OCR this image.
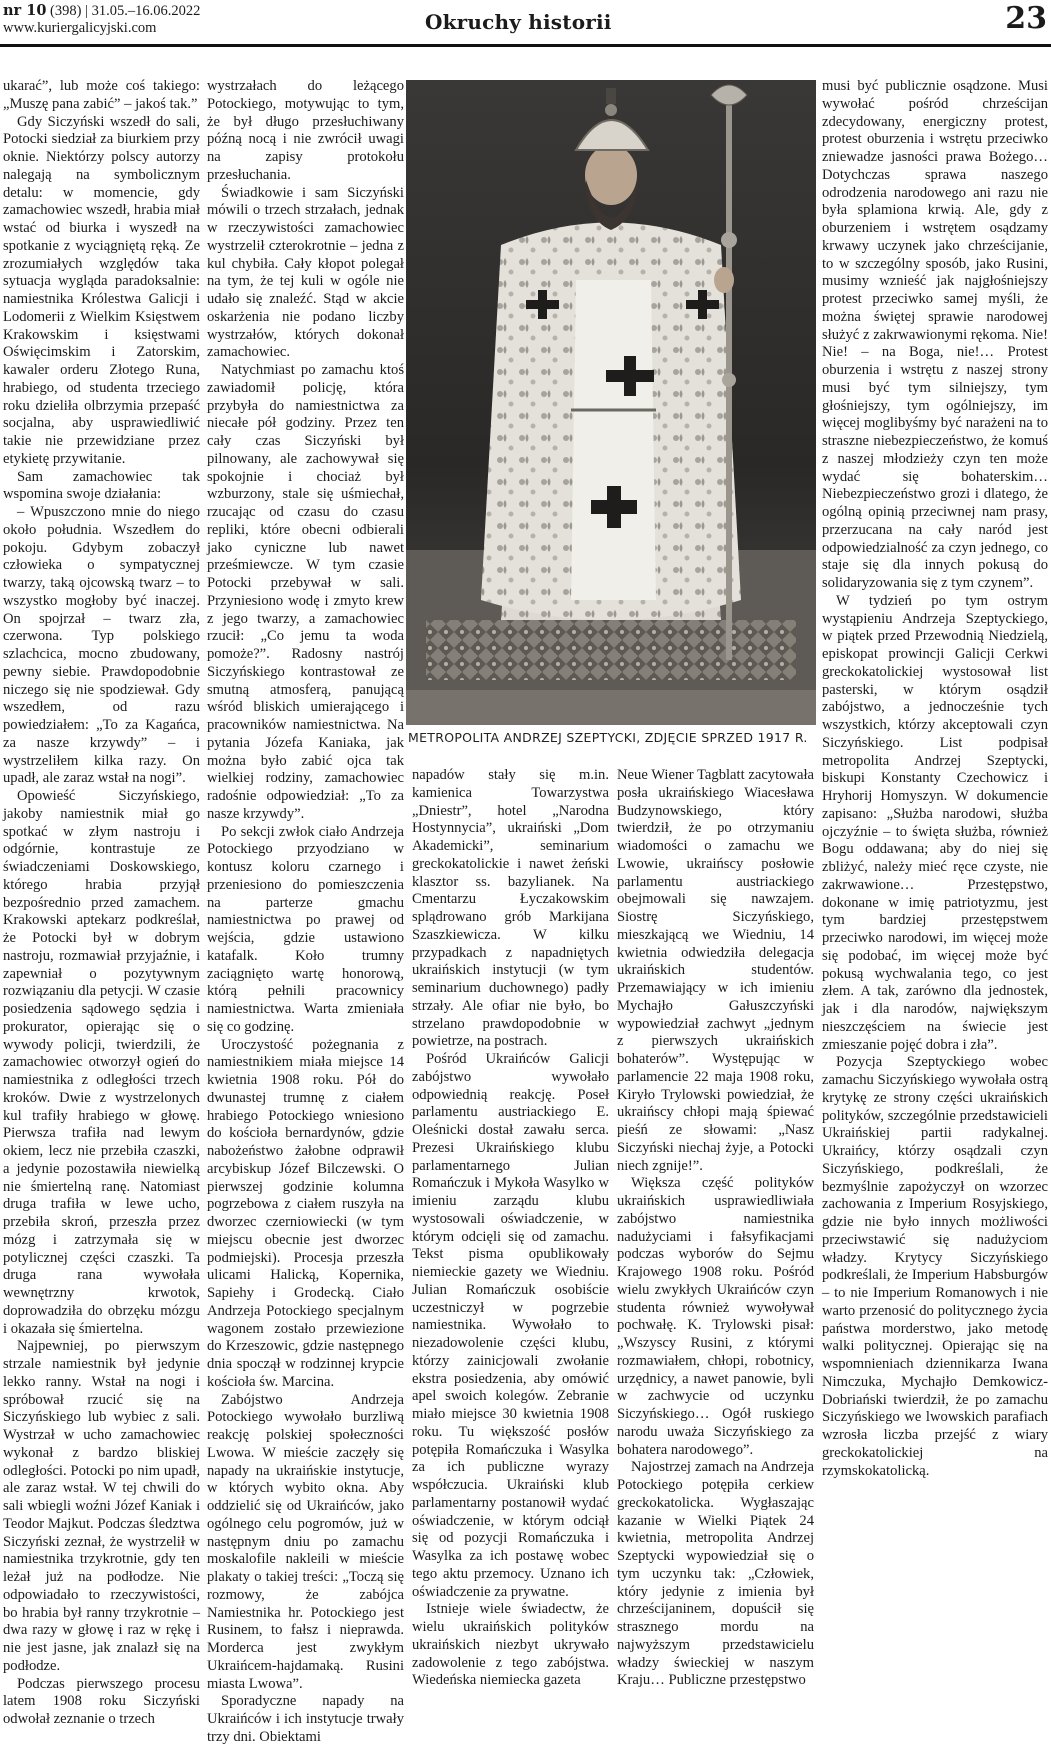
nr 10 (398) | 31.05.–16.06.2022
www.kuriergalicyjski.com	Okruchy historii	23

ukarać”, lub może coś takiego: „Muszę pana zabić” – jakoś tak.”

Gdy Siczyński wszedł do sali, Potocki siedział za biurkiem przy oknie. Niektórzy polscy autorzy nalegają na symbolicznym detalu: w momencie, gdy zamachowiec wszedł, hrabia miał wstać od biurka i wyszedł na spotkanie z wyciągniętą ręką. Ze zrozumiałych względów taka sytuacja wygląda paradoksalnie: namiestnika Królestwa Galicji i Lodomerii z Wielkim Księstwem Krakowskim i księstwami Oświęcimskim i Zatorskim, kawaler orderu Złotego Runa, hrabiego, od studenta trzeciego roku dzieliła olbrzymia przepaść socjalna, aby usprawiedliwić takie nie przewidziane przez etykietę przywitanie.

Sam zamachowiec tak wspomina swoje działania:

– Wpuszczono mnie do niego około południa. Wszedłem do pokoju. Gdybym zobaczył człowieka o sympatycznej twarzy, taką ojcowską twarz – to wszystko mogłoby być inaczej. On spojrzał – twarz zła, czerwona. Typ polskiego szlachcica, mocno zbudowany, pewny siebie. Prawdopodobnie niczego się nie spodziewał. Gdy wszedłem, od razu powiedziałem: „To za Kagańca, za nasze krzywdy” – i wystrzeliłem kilka razy. On upadł, ale zaraz wstał na nogi”.

Opowieść Siczyńskiego, jakoby namiestnik miał go spotkać w złym nastroju i odgórnie, kontrastuje ze świadczeniami Doskowskiego, którego hrabia przyjął bezpośrednio przed zamachem. Krakowski aptekarz podkreślał, że Potocki był w dobrym nastroju, rozmawiał przyjaźnie, i zapewniał o pozytywnym rozwiązaniu dla petycji. W czasie posiedzenia sądowego sędzia i prokurator, opierając się o wywody policji, twierdzili, że zamachowiec otworzył ogień do namiestnika z odległości trzech kroków. Dwie z wystrzelonych kul trafiły hrabiego w głowę. Pierwsza trafiła nad lewym okiem, lecz nie przebiła czaszki, a jedynie pozostawiła niewielką nie śmiertelną ranę. Natomiast druga trafiła w lewe ucho, przebiła skroń, przeszła przez mózg i zatrzymała się w potylicznej części czaszki. Ta druga rana wywołała wewnętrzny krwotok, doprowadziła do obrzęku mózgu i okazała się śmiertelna.

Najpewniej, po pierwszym strzale namiestnik był jedynie lekko ranny. Wstał na nogi i spróbował rzucić się na Siczyńskiego lub wybiec z sali. Wystrzał w ucho zamachowiec wykonał z bardzo bliskiej odległości. Potocki po nim upadł, ale zaraz wstał. W tej chwili do sali wbiegli woźni Józef Kaniak i Teodor Majkut. Podczas śledztwa Siczyński zeznał, że wystrzelił w namiestnika trzykrotnie, gdy ten leżał już na podłodze. Nie odpowiadało to rzeczywistości, bo hrabia był ranny trzykrotnie – dwa razy w głowę i raz w rękę i nie jest jasne, jak znalazł się na podłodze.

Podczas pierwszego procesu latem 1908 roku Siczyński odwołał zeznanie o trzech

wystrzałach do leżącego Potockiego, motywując to tym, że był długo przesłuchiwany późną nocą i nie zwrócił uwagi na zapisy protokołu przesłuchania.

Świadkowie i sam Siczyński mówili o trzech strzałach, jednak w rzeczywistości zamachowiec wystrzelił czterokrotnie – jedna z kul chybiła. Cały kłopot polegał na tym, że tej kuli w ogóle nie udało się znaleźć. Stąd w akcie oskarżenia nie podano liczby wystrzałów, których dokonał zamachowiec.

Natychmiast po zamachu ktoś zawiadomił policję, która przybyła do namiestnictwa za niecałe pół godziny. Przez ten cały czas Siczyński był pilnowany, ale zachowywał się spokojnie i chociaż był wzburzony, stale się uśmiechał, rzucając od czasu do czasu repliki, które obecni odbierali jako cyniczne lub nawet prześmiewcze. W tym czasie Potocki przebywał w sali. Przyniesiono wodę i zmyto krew z jego twarzy, a zamachowiec rzucił: „Co jemu ta woda pomoże?”. Radosny nastrój Siczyńskiego kontrastował ze smutną atmosferą, panującą wśród bliskich umierającego i pracowników namiestnictwa. Na pytania Józefa Kaniaka, jak można było zabić ojca tak wielkiej rodziny, zamachowiec radośnie odpowiedział: „To za nasze krzywdy”.

Po sekcji zwłok ciało Andrzeja Potockiego przyodziano w kontusz koloru czarnego i przeniesiono do pomieszczenia na parterze gmachu namiestnictwa po prawej od wejścia, gdzie ustawiono katafalk. Koło trumny zaciągnięto wartę honorową, którą pełnili pracownicy namiestnictwa. Warta zmieniała się co godzinę.

Uroczystość pożegnania z namiestnikiem miała miejsce 14 kwietnia 1908 roku. Pół do dwunastej trumnę z ciałem hrabiego Potockiego wniesiono do kościoła bernardynów, gdzie nabożeństwo żałobne odprawił arcybiskup Józef Bilczewski. O pierwszej godzinie kolumna pogrzebowa z ciałem ruszyła na dworzec czerniowiecki (w tym miejscu obecnie jest dworzec podmiejski). Procesja przeszła ulicami Halicką, Kopernika, Sapiehy i Grodecką. Ciało Andrzeja Potockiego specjalnym wagonem zostało przewiezione do Krzeszowic, gdzie następnego dnia spoczął w rodzinnej krypcie kościoła św. Marcina.

Zabójstwo Andrzeja Potockiego wywołało burzliwą reakcję polskiej społeczności Lwowa. W mieście zaczęły się napady na ukraińskie instytucje, w których wybito okna. Aby oddzielić się od Ukraińców, jako ogólnego celu pogromów, już w następnym dniu po zamachu moskalofile nakleili w mieście plakaty o takiej treści: „Toczą się rozmowy, że zabójca Namiestnika hr. Potockiego jest Rusinem, to fałsz i nieprawda. Morderca jest zwykłym Ukraińcem-hajdamaką. Rusini miasta Lwowa”.

Sporadyczne napady na Ukraińców i ich instytucje trwały trzy dni. Obiektami

METROPOLITA ANDRZEJ SZEPTYCKI, ZDJĘCIE SPRZED 1917 R.

napadów stały się m.in. kamienica Towarzystwa „Dniestr”, hotel „Narodna Hostynnycia”, ukraiński „Dom Akademicki”, seminarium greckokatolickie i nawet żeński klasztor ss. bazylianek. Na Cmentarzu Łyczakowskim splądrowano grób Markijana Szaszkiewicza. W kilku przypadkach z napadniętych ukraińskich instytucji (w tym seminarium duchownego) padły strzały. Ale ofiar nie było, bo strzelano prawdopodobnie w powietrze, na postrach.

Pośród Ukraińców Galicji zabójstwo wywołało odpowiednią reakcję. Poseł parlamentu austriackiego E. Oleśnicki dostał zawału serca. Prezesi Ukraińskiego klubu parlamentarnego Julian Romańczuk i Mykoła Wasylko w imieniu zarządu klubu wystosowali oświadczenie, w którym odcięli się od zamachu. Tekst pisma opublikowały niemieckie gazety we Wiedniu. Julian Romańczuk osobiście uczestniczył w pogrzebie namiestnika. Wywołało to niezadowolenie części klubu, którzy zainicjowali zwołanie ekstra posiedzenia, aby omówić apel swoich kolegów. Zebranie miało miejsce 30 kwietnia 1908 roku. Tu większość posłów potępiła Romańczuka i Wasylka za ich publiczne wyrazy współczucia. Ukraiński klub parlamentarny postanowił wydać oświadczenie, w którym odciął się od pozycji Romańczuka i Wasylka za ich postawę wobec tego aktu przemocy. Uznano ich oświadczenie za prywatne.

Istnieje wiele świadectw, że wielu ukraińskich polityków ukraińskich niezbyt ukrywało zadowolenie z tego zabójstwa. Wiedeńska niemiecka gazeta

Neue Wiener Tagblatt zacytowała posła ukraińskiego Wiacesława Budzynowskiego, który twierdził, że po otrzymaniu wiadomości o zamachu we Lwowie, ukraińscy posłowie parlamentu austriackiego obejmowali się nawzajem. Siostrę Siczyńskiego, mieszkającą we Wiedniu, 14 kwietnia odwiedziła delegacja ukraińskich studentów. Przemawiający w ich imieniu Mychajło Gałuszczyński wypowiedział zachwyt „jednym z pierwszych ukraińskich bohaterów”. Występując w parlamencie 22 maja 1908 roku, Kiryło Trylowski powiedział, że ukraińscy chłopi mają śpiewać pieśń ze słowami: „Nasz Siczyński niechaj żyje, a Potocki niech zgnije!”.

Większa część polityków ukraińskich usprawiedliwiała zabójstwo namiestnika nadużyciami i fałsyfikacjami podczas wyborów do Sejmu Krajowego 1908 roku. Pośród wielu zwykłych Ukraińców czyn studenta również wywoływał pochwałę. K. Trylowski pisał: „Wszyscy Rusini, z którymi rozmawiałem, chłopi, robotnicy, urzędnicy, a nawet panowie, byli w zachwycie od uczynku Siczyńskiego… Ogół ruskiego narodu uważa Siczyńskiego za bohatera narodowego”.

Najostrzej zamach na Andrzeja Potockiego potępiła cerkiew greckokatolicka. Wygłaszając kazanie w Wielki Piątek 24 kwietnia, metropolita Andrzej Szeptycki wypowiedział się o tym uczynku tak: „Człowiek, który jedynie z imienia był chrześcijaninem, dopuścił się strasznego mordu na najwyższym przedstawicielu władzy świeckiej w naszym Kraju… Publiczne przestępstwo

musi być publicznie osądzone. Musi wywołać pośród chrześcijan zdecydowany, energiczny protest, protest oburzenia i wstrętu przeciwko zniewadze jasności prawa Bożego… Dotychczas sprawa naszego odrodzenia narodowego ani razu nie była splamiona krwią. Ale, gdy z oburzeniem i wstrętem osądzamy krwawy uczynek jako chrześcijanie, to w szczególny sposób, jako Rusini, musimy wznieść jak najgłośniejszy protest przeciwko samej myśli, że można świętej sprawie narodowej służyć z zakrwawionymi rękoma. Nie! Nie! – na Boga, nie!… Protest oburzenia i wstrętu z naszej strony musi być tym silniejszy, tym głośniejszy, tym ogólniejszy, im więcej moglibyśmy być narażeni na to straszne niebezpieczeństwo, że komuś z naszej młodzieży czyn ten może wydać się bohaterskim… Niebezpieczeństwo grozi i dlatego, że ogólną opinią przeciwnej nam prasy, przerzucana na cały naród jest odpowiedzialność za czyn jednego, co staje się dla innych pokusą do solidaryzowania się z tym czynem”.

W tydzień po tym ostrym wystąpieniu Andrzeja Szeptyckiego, w piątek przed Przewodnią Niedzielą, episkopat prowincji Galicji Cerkwi greckokatolickiej wystosował list pasterski, w którym osądził zabójstwo, a jednocześnie tych wszystkich, którzy akceptowali czyn Siczyńskiego. List podpisał metropolita Andrzej Szeptycki, biskupi Konstanty Czechowicz i Hryhorij Homyszyn. W dokumencie zapisano: „Służba narodowi, służba ojczyźnie – to święta służba, również Bogu oddawana; aby do niej się zbliżyć, należy mieć ręce czyste, nie zakrwawione… Przestępstwo, dokonane w imię patriotyzmu, jest tym bardziej przestępstwem przeciwko narodowi, im więcej może się podobać, im więcej może być pokusą wychwalania tego, co jest złem. A tak, zarówno dla jednostek, jak i dla narodów, największym nieszczęściem na świecie jest zmieszanie pojęć dobra i zła”.

Pozycja Szeptyckiego wobec zamachu Siczyńskiego wywołała ostrą krytykę ze strony części ukraińskich polityków, szczególnie przedstawicieli Ukraińskiej partii radykalnej. Ukraińcy, którzy osądzali czyn Siczyńskiego, podkreślali, że bezmyślnie zapożyczył on wzorzec zachowania z Imperium Rosyjskiego, gdzie nie było innych możliwości przeciwstawić się nadużyciom władzy. Krytycy Siczyńskiego podkreślali, że Imperium Habsburgów – to nie Imperium Romanowych i nie warto przenosić do politycznego życia państwa morderstwo, jako metodę walki politycznej. Opierając się na wspomnieniach dziennikarza Iwana Nimczuka, Mychajło Demkowicz-Dobriański twierdził, że po zamachu Siczyńskiego we lwowskich parafiach wzrosła liczba przejść z wiary greckokatolickiej na rzymskokatolicką.
